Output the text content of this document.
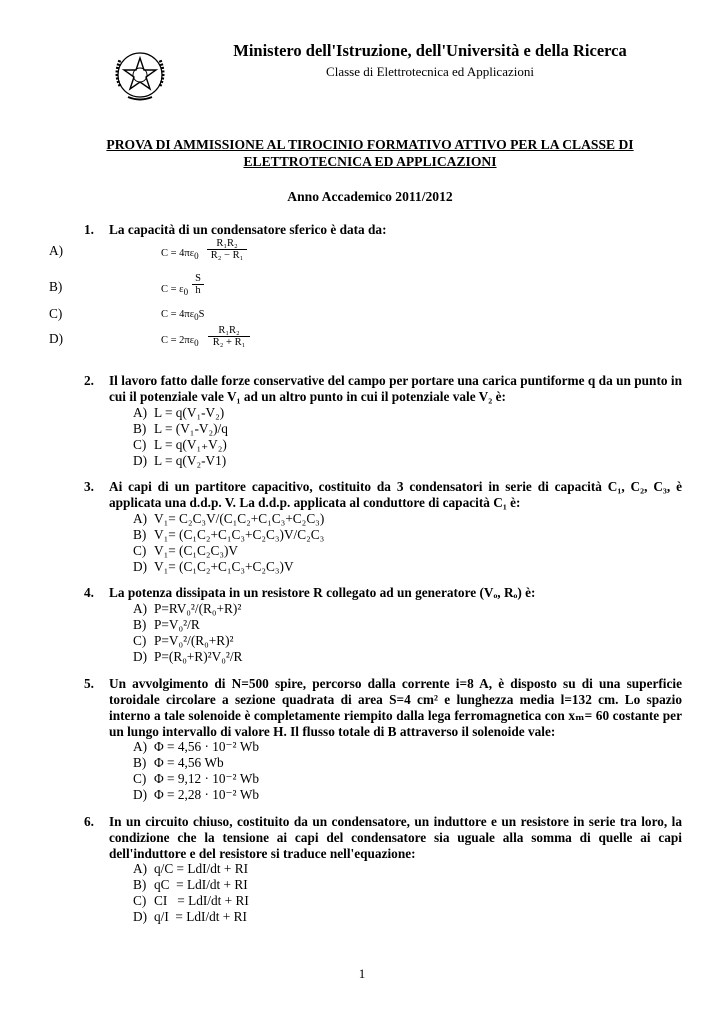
Ministero dell'Istruzione, dell'Università e della Ricerca
Classe di Elettrotecnica ed Applicazioni
PROVA DI AMMISSIONE AL TIROCINIO FORMATIVO ATTIVO PER LA CLASSE DI ELETTROTECNICA ED APPLICAZIONI
Anno Accademico 2011/2012
1. La capacità di un condensatore sferico è data da:
A)	$C = 4\pi\varepsilon_0 \frac{\text{R₁R₂}}{\text{R₂ − R₁}}$
B)	$C = \varepsilon_0 \frac{S}{h}$
C)	$C = 4\pi\varepsilon_0S$
D)	$C = 2\pi\varepsilon_0 \frac{\text{R₁R₂}}{\text{R₂ + R₁}}$
2. Il lavoro fatto dalle forze conservative del campo per portare una carica puntiforme q da un punto in cui il potenziale vale V₁ ad un altro punto in cui il potenziale vale V₂ è:
A) L = q(V₁-V₂)
B) L = (V₁-V₂)/q
C) L = q(V₁₊V₂)
D) L = q(V₂-V1)
3. Ai capi di un partitore capacitivo, costituito da 3 condensatori in serie di capacità C₁, C₂, C₃, è applicata una d.d.p. V. La d.d.p. applicata al conduttore di capacità C₁ è:
A) V₁= C₂C₃V/(C₁C₂+C₁C₃+C₂C₃)
B) V₁= (C₁C₂+C₁C₃+C₂C₃)V/C₂C₃
C) V₁= (C₁C₂C₃)V
D) V₁= (C₁C₂+C₁C₃+C₂C₃)V
4. La potenza dissipata in un resistore R collegato ad un generatore (Vₒ, Rₒ) è:
A) P=RV₀²/(R₀+R)²
B) P=V₀²/R
C) P=V₀²/(R₀+R)²
D) P=(R₀+R)²V₀²/R
5. Un avvolgimento di N=500 spire, percorso dalla corrente i=8 A, è disposto su di una superficie toroidale circolare a sezione quadrata di area S=4 cm² e lunghezza media l=132 cm. Lo spazio interno a tale solenoide è completamente riempito dalla lega ferromagnetica con xₘ= 60 costante per un lungo intervallo di valore H. Il flusso totale di B attraverso il solenoide vale:
A) Φ = 4,56 · 10⁻² Wb
B) Φ = 4,56 Wb
C) Φ = 9,12 · 10⁻² Wb
D) Φ = 2,28 · 10⁻² Wb
6. In un circuito chiuso, costituito da un condensatore, un induttore e un resistore in serie tra loro, la condizione che la tensione ai capi del condensatore sia uguale alla somma di quelle ai capi dell'induttore e del resistore si traduce nell'equazione:
A) q/C = LdI/dt + RI
B) qC  = LdI/dt + RI
C) CI   = LdI/dt + RI
D) q/I  = LdI/dt + RI
1
